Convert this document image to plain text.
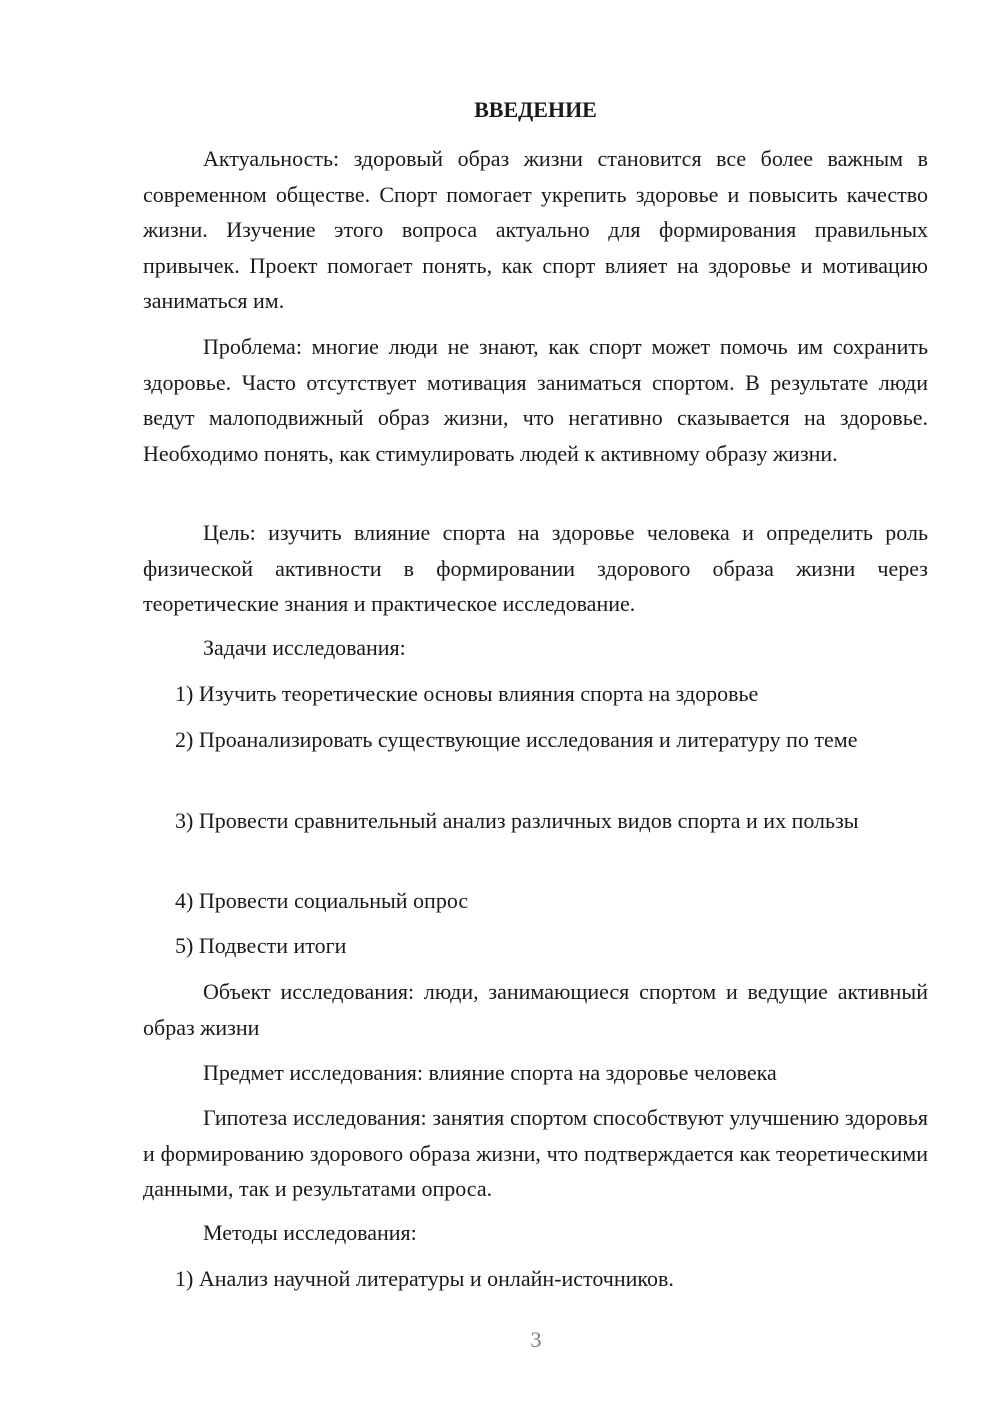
ВВЕДЕНИЕ
Актуальность: здоровый образ жизни становится все более важным в современном обществе. Спорт помогает укрепить здоровье и повысить качество жизни. Изучение этого вопроса актуально для формирования правильных привычек. Проект помогает понять, как спорт влияет на здоровье и мотивацию заниматься им.
Проблема: многие люди не знают, как спорт может помочь им сохранить здоровье. Часто отсутствует мотивация заниматься спортом. В результате люди ведут малоподвижный образ жизни, что негативно сказывается на здоровье. Необходимо понять, как стимулировать людей к активному образу жизни.
Цель: изучить влияние спорта на здоровье человека и определить роль физической активности в формировании здорового образа жизни через теоретические знания и практическое исследование.
Задачи исследования:
1) Изучить теоретические основы влияния спорта на здоровье
2) Проанализировать существующие исследования и литературу по теме
3) Провести сравнительный анализ различных видов спорта и их пользы
4) Провести социальный опрос
5) Подвести итоги
Объект исследования: люди, занимающиеся спортом и ведущие активный образ жизни
Предмет исследования: влияние спорта на здоровье человека
Гипотеза исследования: занятия спортом способствуют улучшению здоровья и формированию здорового образа жизни, что подтверждается как теоретическими данными, так и результатами опроса.
Методы исследования:
1) Анализ научной литературы и онлайн-источников.
3
